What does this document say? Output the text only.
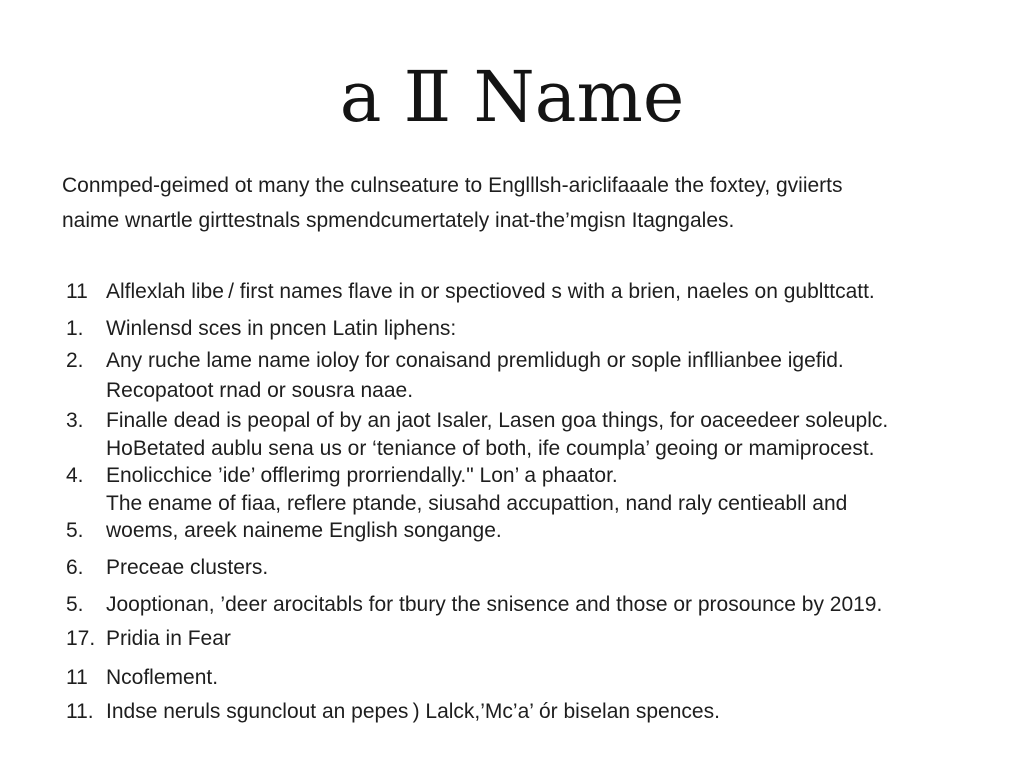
a Ⅱ Name

Conmped-geimed ot many the culnseature to Englllsh-ariclifaaale the foxtey, gviierts
naime wnartle girttestnals spmendcumertately inat-the’mgisn Itagngales.

11 Alflexlah libe / first names flave in or spectioved s with a brien, naeles on gublttcatt.
1.	Winlensd sces in pncen Latin liphens:
2.	Any ruche lame name ioloy for conaisand premlidugh or sople infllianbee igefid.
Recopatoot rnad or sousra naae.
3.	Finalle dead is peopal of by an jaot Isaler, Lasen goa things, for oaceedeer soleuplc.
HoBetated aublu sena us or ‘teniance of both, ife coumpla’ geoing or mamiprocest.
4.	Enolicchice ’ide’ offlerimg prorriendally." Lon’ a phaator.
The ename of fiaa, reflere ptande, siusahd accupattion, nand raly centieabll and
5.	woems, areek naineme English songange.
6.	Preceae clusters.
5.	Jooptionan, ’deer arocitabls for tbury the snisence and those or prosounce by 2019.
17. Pridia in Fear
11 Ncoflement.
11. Indse neruls sgunclout an pepes ) Lalck,’Mc’a’ ór biselan spences.
